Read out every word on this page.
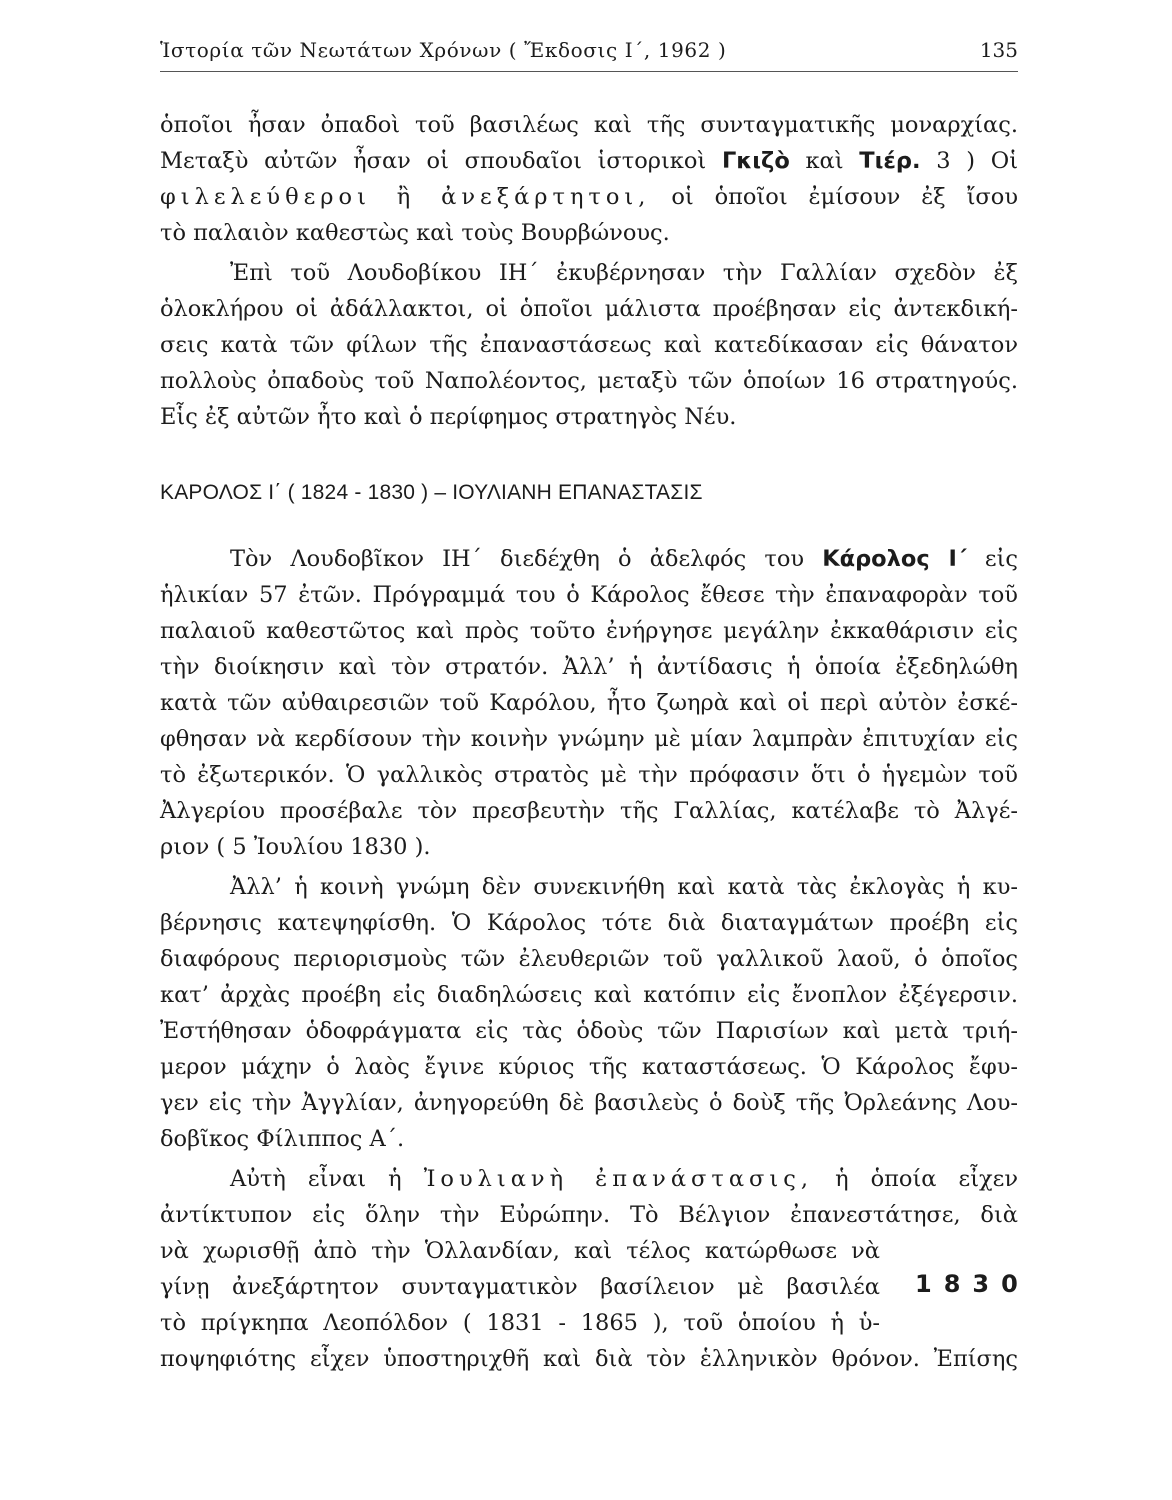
Ἱστορία τῶν Νεωτάτων Χρόνων ( Ἔκδοσις Ι΄, 1962 )	135
ὁποῖοι ἦσαν ὀπαδοὶ τοῦ βασιλέως καὶ τῆς συνταγματικῆς μοναρχίας.
Μεταξὺ αὐτῶν ἦσαν οἱ σπουδαῖοι ἱστορικοὶ Γκιζὸ καὶ Τιέρ. 3 ) Οἱ
φιλελεύθεροι ἢ ἀνεξάρτητοι, οἱ ὁποῖοι ἐμίσουν ἐξ ἴσου
τὸ παλαιὸν καθεστὼς καὶ τοὺς Βουρβώνους.
Ἐπὶ τοῦ Λουδοβίκου ΙΗ΄ ἐκυβέρνησαν τὴν Γαλλίαν σχεδὸν ἐξ
ὁλοκλήρου οἱ ἀδάλλακτοι, οἱ ὁποῖοι μάλιστα προέβησαν εἰς ἀντεκδική-
σεις κατὰ τῶν φίλων τῆς ἐπαναστάσεως καὶ κατεδίκασαν εἰς θάνατον
πολλοὺς ὀπαδοὺς τοῦ Ναπολέοντος, μεταξὺ τῶν ὁποίων 16 στρατηγούς.
Εἷς ἐξ αὐτῶν ἦτο καὶ ὁ περίφημος στρατηγὸς Νέυ.
ΚΑΡΟΛΟΣ Ι΄ ( 1824 - 1830 ) – ΙΟΥΛΙΑΝΗ ΕΠΑΝΑΣΤΑΣΙΣ
Τὸν Λουδοβῖκον ΙΗ΄ διεδέχθη ὁ ἀδελφός του Κάρολος Ι΄ εἰς
ἡλικίαν 57 ἐτῶν. Πρόγραμμά του ὁ Κάρολος ἔθεσε τὴν ἐπαναφορὰν τοῦ
παλαιοῦ καθεστῶτος καὶ πρὸς τοῦτο ἐνήργησε μεγάλην ἐκκαθάρισιν εἰς
τὴν διοίκησιν καὶ τὸν στρατόν. Ἀλλ’ ἡ ἀντίδασις ἡ ὁποία ἐξεδηλώθη
κατὰ τῶν αὐθαιρεσιῶν τοῦ Καρόλου, ἦτο ζωηρὰ καὶ οἱ περὶ αὐτὸν ἐσκέ-
φθησαν νὰ κερδίσουν τὴν κοινὴν γνώμην μὲ μίαν λαμπρὰν ἐπιτυχίαν εἰς
τὸ ἐξωτερικόν. Ὁ γαλλικὸς στρατὸς μὲ τὴν πρόφασιν ὅτι ὁ ἡγεμὼν τοῦ
Ἀλγερίου προσέβαλε τὸν πρεσβευτὴν τῆς Γαλλίας, κατέλαβε τὸ Ἀλγέ-
ριον ( 5 Ἰουλίου 1830 ).
Ἀλλ’ ἡ κοινὴ γνώμη δὲν συνεκινήθη καὶ κατὰ τὰς ἐκλογὰς ἡ κυ-
βέρνησις κατεψηφίσθη. Ὁ Κάρολος τότε διὰ διαταγμάτων προέβη εἰς
διαφόρους περιορισμοὺς τῶν ἐλευθεριῶν τοῦ γαλλικοῦ λαοῦ, ὁ ὁποῖος
κατ’ ἀρχὰς προέβη εἰς διαδηλώσεις καὶ κατόπιν εἰς ἔνοπλον ἐξέγερσιν.
Ἐστήθησαν ὁδοφράγματα εἰς τὰς ὁδοὺς τῶν Παρισίων καὶ μετὰ τριή-
μερον μάχην ὁ λαὸς ἔγινε κύριος τῆς καταστάσεως. Ὁ Κάρολος ἔφυ-
γεν εἰς τὴν Ἀγγλίαν, ἀνηγορεύθη δὲ βασιλεὺς ὁ δοὺξ τῆς Ὀρλεάνης Λου-
δοβῖκος Φίλιππος Α΄.
Αὐτὴ εἶναι ἡ Ἰουλιανὴ ἐπανάστασις, ἡ ὁποία εἶχεν
ἀντίκτυπον εἰς ὅλην τὴν Εὐρώπην. Τὸ Βέλγιον ἐπανεστάτησε, διὰ
νὰ χωρισθῇ ἀπὸ τὴν Ὁλλανδίαν, καὶ τέλος κατώρθωσε νὰ
γίνῃ ἀνεξάρτητον συνταγματικὸν βασίλειον μὲ βασιλέα
τὸ πρίγκηπα Λεοπόλδον ( 1831 - 1865 ), τοῦ ὁποίου ἡ ὑ-
ποψηφιότης εἶχεν ὑποστηριχθῆ καὶ διὰ τὸν ἑλληνικὸν θρόνον. Ἐπίσης
1830
